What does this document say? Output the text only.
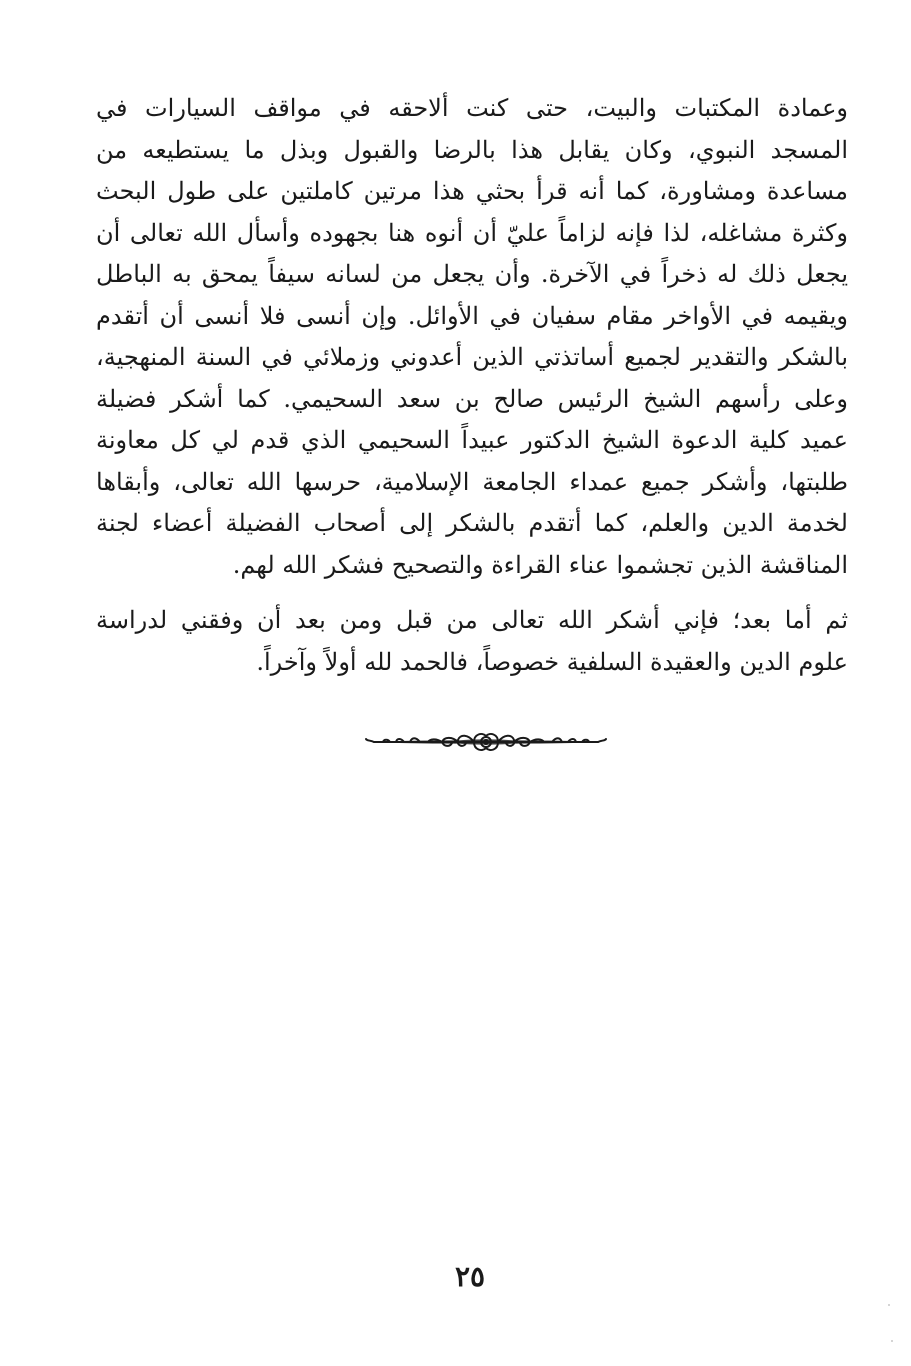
وعمادة المكتبات والبيت، حتى كنت ألاحقه في مواقف السيارات في
المسجد النبوي، وكان يقابل هذا بالرضا والقبول وبذل ما يستطيعه من
مساعدة ومشاورة، كما أنه قرأ بحثي هذا مرتين كاملتين على طول البحث
وكثرة مشاغله، لذا فإنه لزاماً عليّ أن أنوه هنا بجهوده وأسأل الله تعالى أن
يجعل ذلك له ذخراً في الآخرة. وأن يجعل من لسانه سيفاً يمحق به الباطل
ويقيمه في الأواخر مقام سفيان في الأوائل. وإن أنسى فلا أنسى أن أتقدم
بالشكر والتقدير لجميع أساتذتي الذين أعدوني وزملائي في السنة المنهجية،
وعلى رأسهم الشيخ الرئيس صالح بن سعد السحيمي. كما أشكر فضيلة
عميد كلية الدعوة الشيخ الدكتور عبيداً السحيمي الذي قدم لي كل معاونة
طلبتها، وأشكر جميع عمداء الجامعة الإسلامية، حرسها الله تعالى، وأبقاها
لخدمة الدين والعلم، كما أتقدم بالشكر إلى أصحاب الفضيلة أعضاء لجنة
المناقشة الذين تجشموا عناء القراءة والتصحيح فشكر الله لهم.
ثم أما بعد؛ فإني أشكر الله تعالى من قبل ومن بعد أن وفقني لدراسة
علوم الدين والعقيدة السلفية خصوصاً، فالحمد لله أولاً وآخراً.
٢٥
